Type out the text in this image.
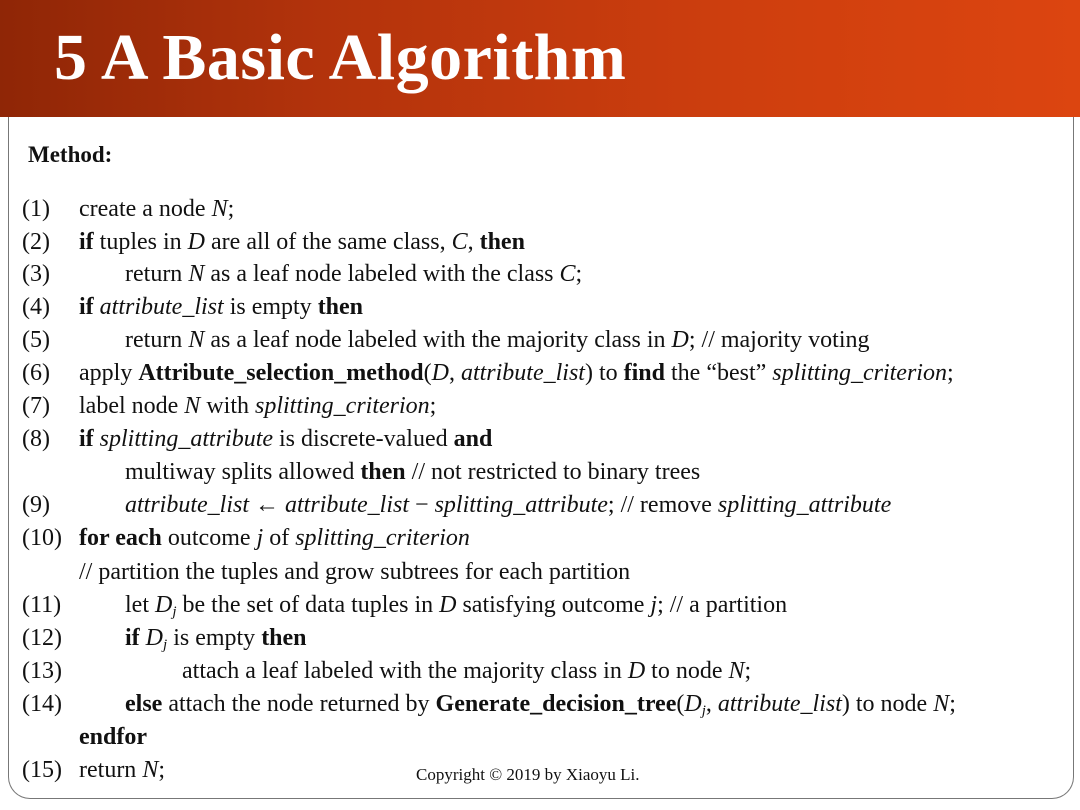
5 A Basic Algorithm
Method:
(1) create a node N;
(2) if tuples in D are all of the same class, C, then
(3)	return N as a leaf node labeled with the class C;
(4) if attribute_list is empty then
(5)	return N as a leaf node labeled with the majority class in D; // majority voting
(6) apply Attribute_selection_method(D, attribute_list) to find the “best” splitting_criterion;
(7) label node N with splitting_criterion;
(8) if splitting_attribute is discrete-valued and
multiway splits allowed then // not restricted to binary trees
(9)	attribute_list ← attribute_list − splitting_attribute; // remove splitting_attribute
(10) for each outcome j of splitting_criterion
// partition the tuples and grow subtrees for each partition
(11)	let $D_j$ be the set of data tuples in D satisfying outcome j; // a partition
(12)	if $D_j$ is empty then
(13)	attach a leaf labeled with the majority class in D to node N;
(14)	else attach the node returned by $Generate\_decision\_tree(D_j$, attribute_list) to node N;
endfor
(15) return N;	Copyright © 2019 by Xiaoyu Li.
